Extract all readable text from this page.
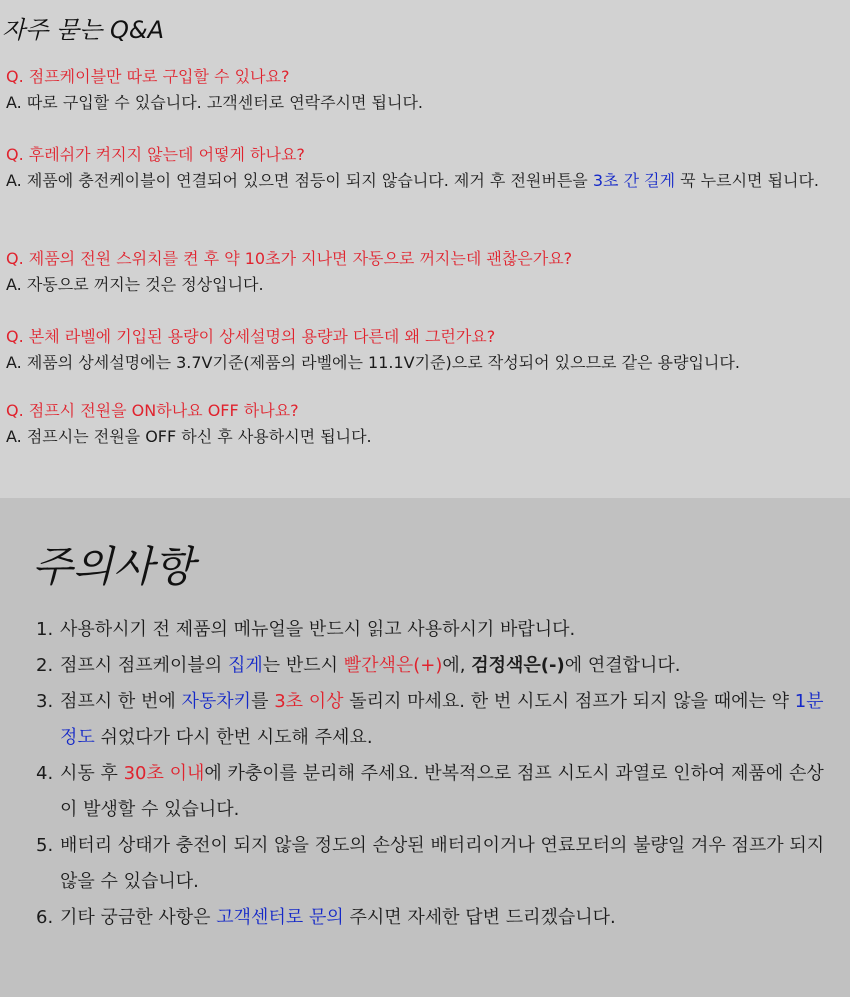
자주 묻는 Q&A
Q. 점프케이블만 따로 구입할 수 있나요?
A. 따로 구입할 수 있습니다. 고객센터로 연락주시면 됩니다.
Q. 후레쉬가 켜지지 않는데 어떻게 하나요?
A. 제품에 충전케이블이 연결되어 있으면 점등이 되지 않습니다. 제거 후 전원버튼을 3초 간 길게 꾹 누르시면 됩니다.
Q. 제품의 전원 스위치를 켠 후 약 10초가 지나면 자동으로 꺼지는데 괜찮은가요?
A. 자동으로 꺼지는 것은 정상입니다.
Q. 본체 라벨에 기입된 용량이 상세설명의 용량과 다른데 왜 그런가요?
A. 제품의 상세설명에는 3.7V기준(제품의 라벨에는 11.1V기준)으로 작성되어 있으므로 같은 용량입니다.
Q. 점프시 전원을 ON하나요 OFF 하나요?
A. 점프시는 전원을 OFF 하신 후 사용하시면 됩니다.
주의사항
1. 사용하시기 전 제품의 메뉴얼을 반드시 읽고 사용하시기 바랍니다.
2. 점프시 점프케이블의 집게는 반드시 빨간색은(+)에, 검정색은(-)에 연결합니다.
3. 점프시 한 번에 자동차키를 3초 이상 돌리지 마세요. 한 번 시도시 점프가 되지 않을 때에는 약 1분 정도 쉬었다가 다시 한번 시도해 주세요.
4. 시동 후 30초 이내에 카충이를 분리해 주세요. 반복적으로 점프 시도시 과열로 인하여 제품에 손상이 발생할 수 있습니다.
5. 배터리 상태가 충전이 되지 않을 정도의 손상된 배터리이거나 연료모터의 불량일 겨우 점프가 되지 않을 수 있습니다.
6. 기타 궁금한 사항은 고객센터로 문의 주시면 자세한 답변 드리겠습니다.
